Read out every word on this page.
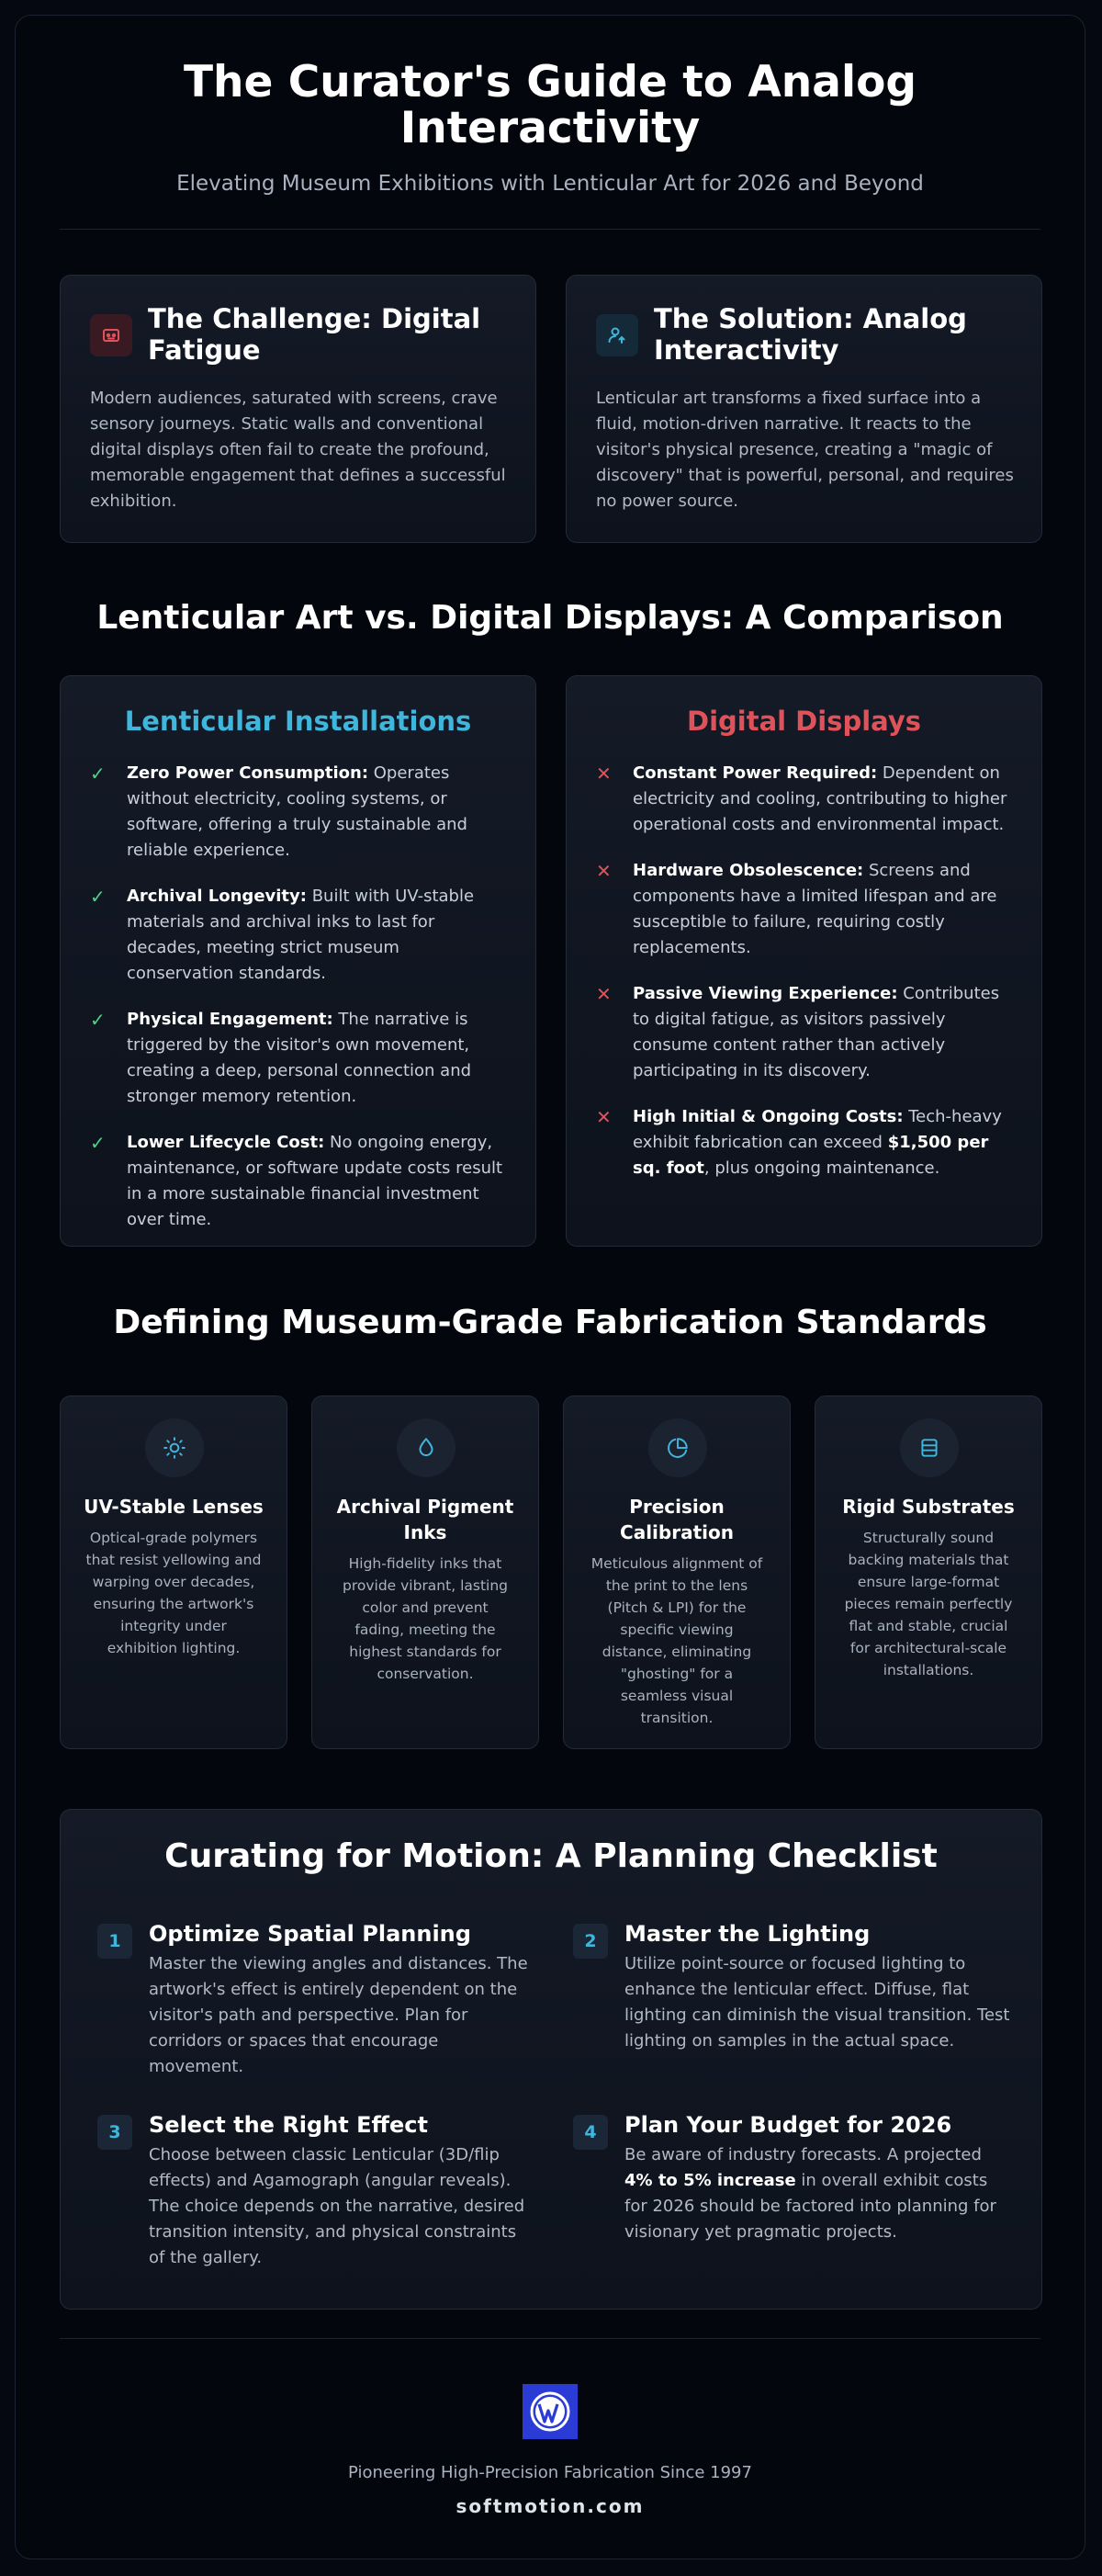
The Curator's Guide to Analog Interactivity
Elevating Museum Exhibitions with Lenticular Art for 2026 and Beyond
The Challenge: Digital Fatigue
Modern audiences, saturated with screens, crave sensory journeys. Static walls and conventional digital displays often fail to create the profound, memorable engagement that defines a successful exhibition.
The Solution: Analog Interactivity
Lenticular art transforms a fixed surface into a fluid, motion-driven narrative. It reacts to the visitor's physical presence, creating a "magic of discovery" that is powerful, personal, and requires no power source.
Lenticular Art vs. Digital Displays: A Comparison
Lenticular Installations
✓ Zero Power Consumption: Operates without electricity, cooling systems, or software, offering a truly sustainable and reliable experience.
✓ Archival Longevity: Built with UV-stable materials and archival inks to last for decades, meeting strict museum conservation standards.
✓ Physical Engagement: The narrative is triggered by the visitor's own movement, creating a deep, personal connection and stronger memory retention.
✓ Lower Lifecycle Cost: No ongoing energy, maintenance, or software update costs result in a more sustainable financial investment over time.
Digital Displays
✕ Constant Power Required: Dependent on electricity and cooling, contributing to higher operational costs and environmental impact.
✕ Hardware Obsolescence: Screens and components have a limited lifespan and are susceptible to failure, requiring costly replacements.
✕ Passive Viewing Experience: Contributes to digital fatigue, as visitors passively consume content rather than actively participating in its discovery.
✕ High Initial & Ongoing Costs: Tech-heavy exhibit fabrication can exceed $1,500 per sq. foot, plus ongoing maintenance.
Defining Museum-Grade Fabrication Standards
UV-Stable Lenses
Optical-grade polymers that resist yellowing and warping over decades, ensuring the artwork's integrity under exhibition lighting.
Archival Pigment Inks
High-fidelity inks that provide vibrant, lasting color and prevent fading, meeting the highest standards for conservation.
Precision Calibration
Meticulous alignment of the print to the lens (Pitch & LPI) for the specific viewing distance, eliminating "ghosting" for a seamless visual transition.
Rigid Substrates
Structurally sound backing materials that ensure large-format pieces remain perfectly flat and stable, crucial for architectural-scale installations.
Curating for Motion: A Planning Checklist
1	Optimize Spatial Planning
Master the viewing angles and distances. The artwork's effect is entirely dependent on the visitor's path and perspective. Plan for corridors or spaces that encourage movement.
2	Master the Lighting
Utilize point-source or focused lighting to enhance the lenticular effect. Diffuse, flat lighting can diminish the visual transition. Test lighting on samples in the actual space.
3	Select the Right Effect
Choose between classic Lenticular (3D/flip effects) and Agamograph (angular reveals). The choice depends on the narrative, desired transition intensity, and physical constraints of the gallery.
4	Plan Your Budget for 2026
Be aware of industry forecasts. A projected 4% to 5% increase in overall exhibit costs for 2026 should be factored into planning for visionary yet pragmatic projects.
Pioneering High-Precision Fabrication Since 1997
softmotion.com
